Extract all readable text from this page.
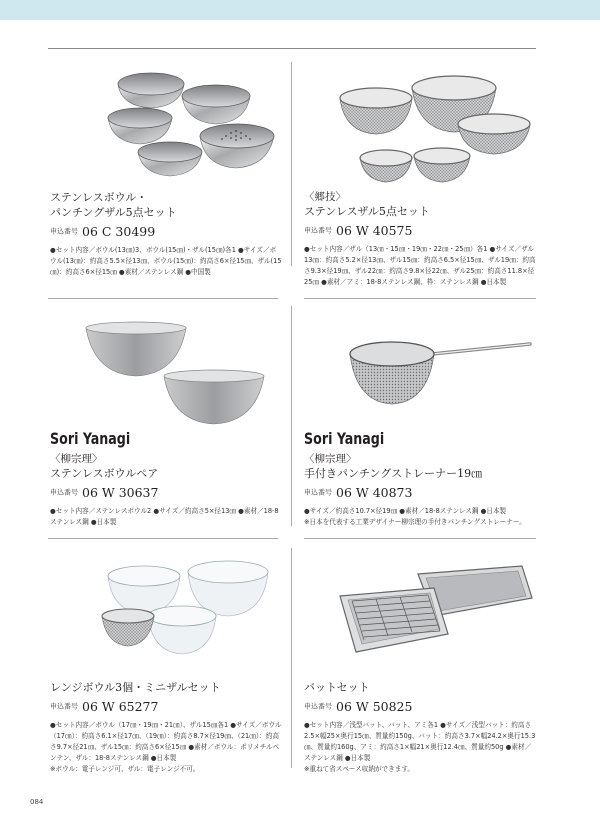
ステンレスボウル・
パンチングザル5点セット
申込番号 06 C 30499
●セット内容／ボウル(13㎝)3、ボウル(15㎝)・ザル(15㎝)各1 ●サイズ／ボウル(13㎝)：約高さ5.5×径13㎝、ボウル(15㎝)：約高さ6×径15㎝、ザル(15㎝)：約高さ6×径15㎝ ●素材／ステンレス鋼 ●中国製
〈郷技〉
ステンレスザル5点セット
申込番号 06 W 40575
●セット内容／ザル（13㎝・15㎝・19㎝・22㎝・25㎝）各1 ●サイズ／ザル13㎝：約高さ5.2×径13㎝、ザル15㎝：約高さ6.5×径15㎝、ザル19㎝：約高さ9.3×径19㎝、ザル22㎝：約高さ9.8×径22㎝、ザル25㎝：約高さ11.8×径25㎝ ●素材／アミ：18-8ステンレス鋼、枠：ステンレス鋼 ●日本製
Sori Yanagi
〈柳宗理〉
ステンレスボウルペア
申込番号 06 W 30637
●セット内容／ステンレスボウル2 ●サイズ／約高さ5×径13㎝ ●素材／18-8ステンレス鋼 ●日本製
Sori Yanagi
〈柳宗理〉
手付きパンチングストレーナー19㎝
申込番号 06 W 40873
●サイズ／約高さ10.7×径19㎝ ●素材／18-8ステンレス鋼 ●日本製
※日本を代表する工業デザイナー柳宗理の手付きパンチングストレーナー。
レンジボウル3個・ミニザルセット
申込番号 06 W 65277
●セット内容／ボウル（17㎝・19㎝・21㎝）、ザル15㎝各1 ●サイズ／ボウル（17㎝）：約高さ6.1×径17㎝、（19㎝）：約高さ8.7×径19㎝、（21㎝）：約高さ9.7×径21㎝、ザル15㎝：約高さ6×径15㎝ ●素材／ボウル：ポリメチルペンテン、ザル：18-8ステンレス鋼 ●日本製
※ボウル：電子レンジ可、ザル：電子レンジ不可。
バットセット
申込番号 06 W 50825
●セット内容／浅型バット、バット、アミ各1 ●サイズ／浅型バット：約高さ2.5×幅25×奥行15㎝、質量約150g、バット：約高さ3.7×幅24.2×奥行15.3㎝、質量約160g、アミ：約高さ1×幅21×奥行12.4㎝、質量約50g ●素材／ステンレス鋼 ●日本製
※重ねて省スペース収納ができます。
084
